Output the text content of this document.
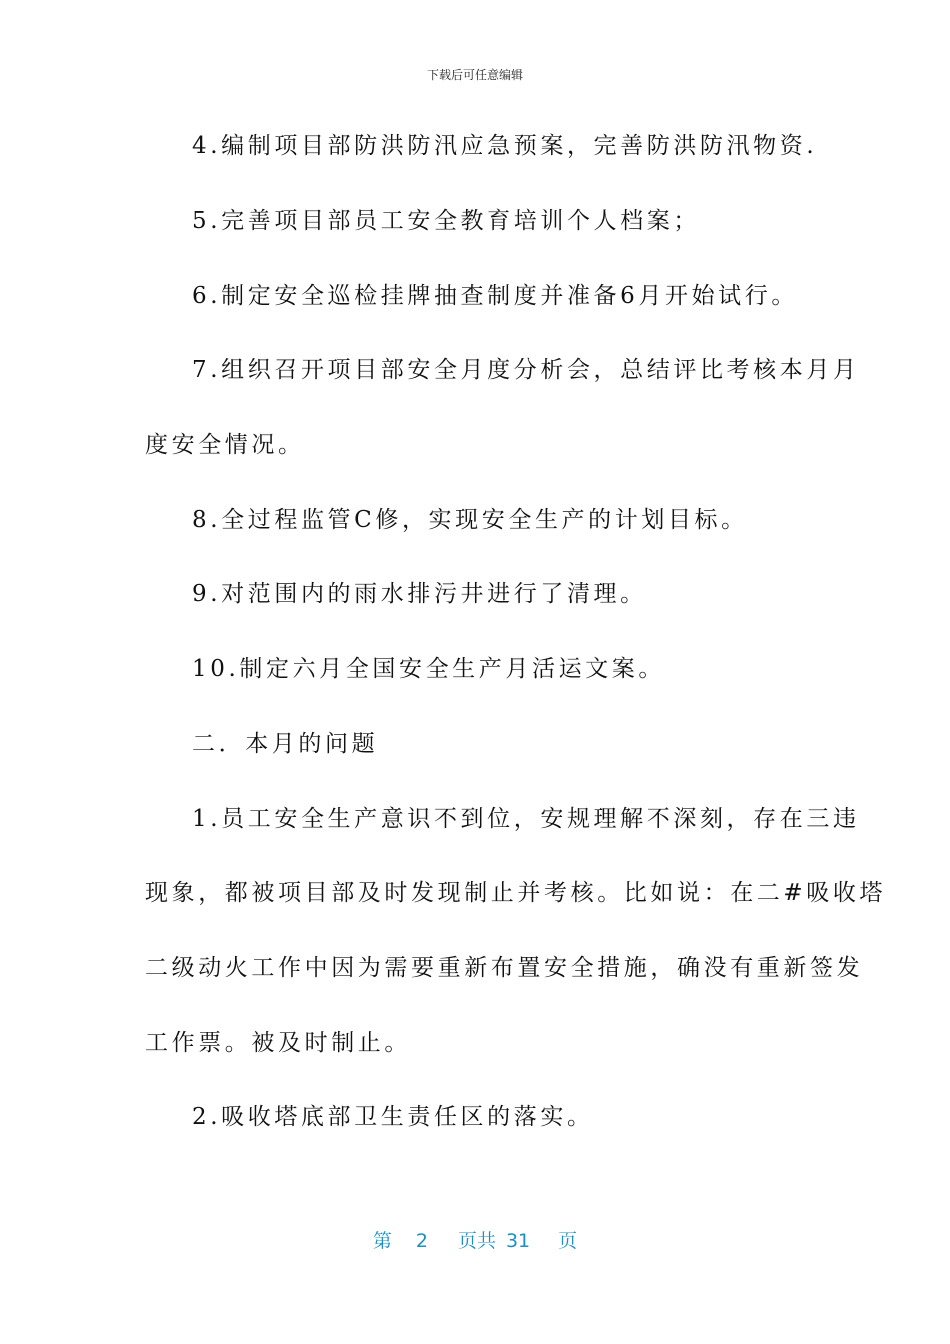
下载后可任意编辑
4.编制项目部防洪防汛应急预案，完善防洪防汛物资.
5.完善项目部员工安全教育培训个人档案；
6.制定安全巡检挂牌抽查制度并准备6月开始试行。
7.组织召开项目部安全月度分析会，总结评比考核本月月
度安全情况。
8.全过程监管C修，实现安全生产的计划目标。
9.对范围内的雨水排污井进行了清理。
10.制定六月全国安全生产月活运文案。
二．本月的问题
1.员工安全生产意识不到位，安规理解不深刻，存在三违
现象，都被项目部及时发现制止并考核。比如说：在二#吸收塔
二级动火工作中因为需要重新布置安全措施，确没有重新签发
工作票。被及时制止。
2.吸收塔底部卫生责任区的落实。
第 2 页共 31 页
